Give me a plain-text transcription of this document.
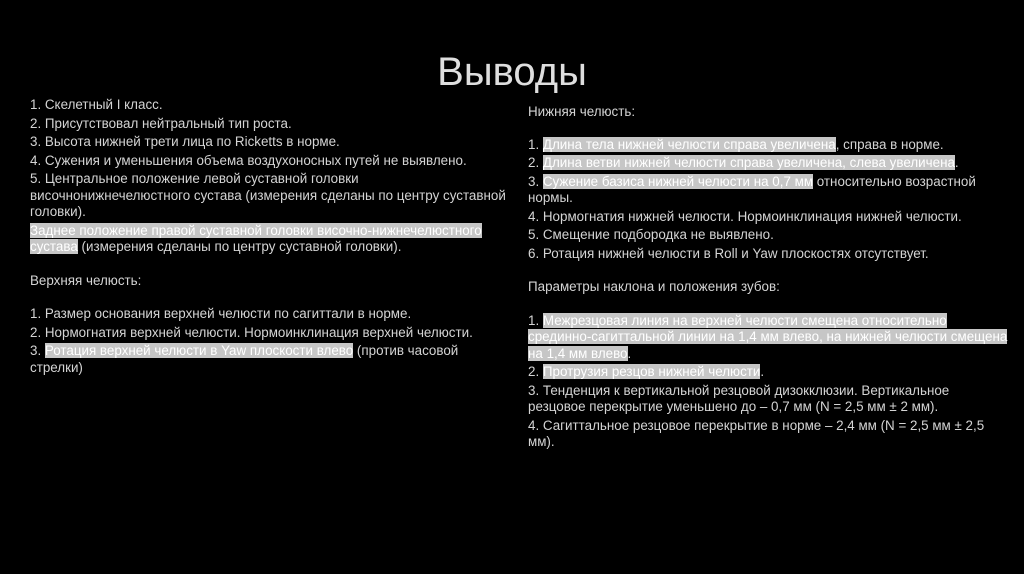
Выводы

1. Скелетный I класс.

2. Присутствовал нейтральный тип роста.

3. Высота нижней трети лица по Ricketts в норме.

4. Сужения и уменьшения объема воздухоносных путей не выявлено.

5. Центральное положение левой суставной головки височнонижнечелюстного сустава (измерения сделаны по центру суставной головки).

Заднее положение правой суставной головки височно-нижнечелюстного сустава (измерения сделаны по центру суставной головки).

Верхняя челюсть:

1. Размер основания верхней челюсти по сагиттали в норме.

2. Нормогнатия верхней челюсти. Нормоинклинация верхней челюсти.

3. Ротация верхней челюсти в Yaw плоскости влево (против часовой стрелки)

Нижняя челюсть:

1. Длина тела нижней челюсти справа увеличена, справа в норме.

2. Длина ветви нижней челюсти справа увеличена, слева увеличена.

3. Сужение базиса нижней челюсти на 0,7 мм относительно возрастной нормы.

4. Нормогнатия нижней челюсти. Нормоинклинация нижней челюсти.

5. Смещение подбородка не выявлено.

6. Ротация нижней челюсти в Roll и Yaw плоскостях отсутствует.

Параметры наклона и положения зубов:

1. Межрезцовая линия на верхней челюсти смещена относительно срединно-сагиттальной линии на 1,4 мм влево, на нижней челюсти смещена на 1,4 мм влево.

2. Протрузия резцов нижней челюсти.

3. Тенденция к вертикальной резцовой дизокклюзии. Вертикальное резцовое перекрытие уменьшено до – 0,7 мм (N = 2,5 мм ± 2 мм).

4. Сагиттальное резцовое перекрытие в норме – 2,4 мм (N = 2,5 мм ± 2,5 мм).
